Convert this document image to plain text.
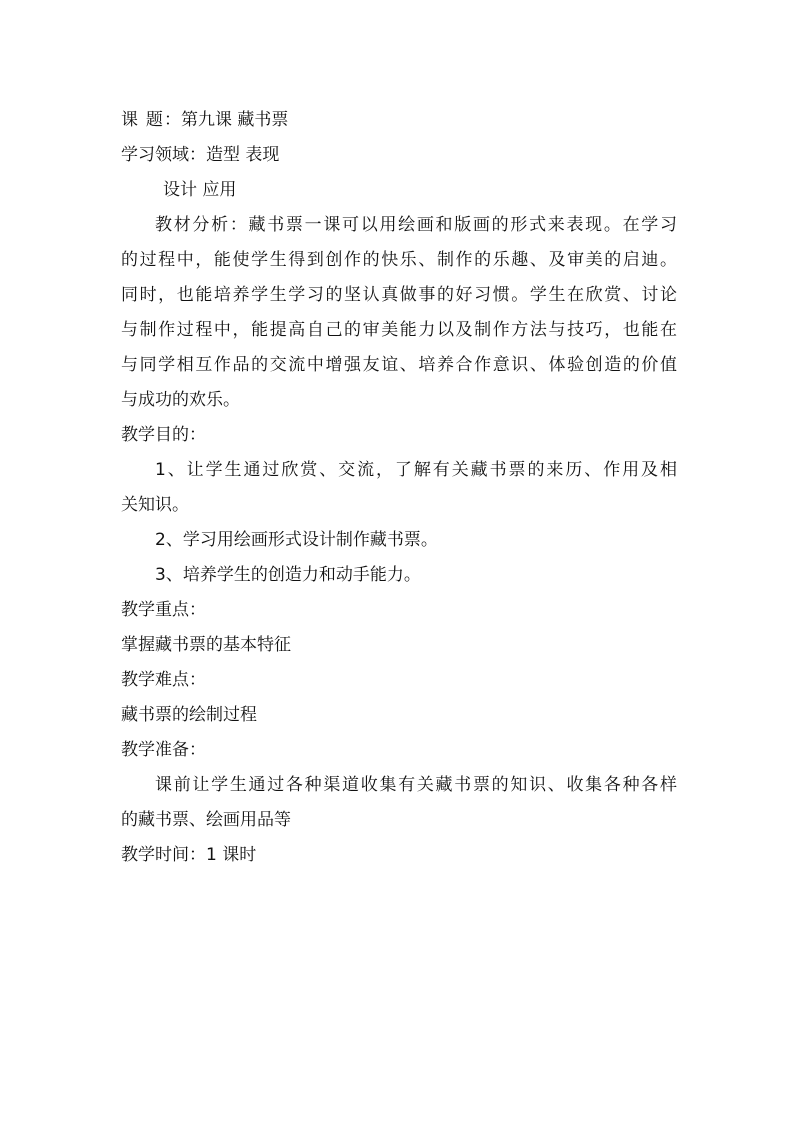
课 题：第九课 藏书票
学习领域：造型 表现
设计 应用
教材分析：藏书票一课可以用绘画和版画的形式来表现。在学习
的过程中，能使学生得到创作的快乐、制作的乐趣、及审美的启迪。
同时，也能培养学生学习的坚认真做事的好习惯。学生在欣赏、讨论
与制作过程中，能提高自己的审美能力以及制作方法与技巧，也能在
与同学相互作品的交流中增强友谊、培养合作意识、体验创造的价值
与成功的欢乐。
教学目的：
1、让学生通过欣赏、交流，了解有关藏书票的来历、作用及相
关知识。
2、学习用绘画形式设计制作藏书票。
3、培养学生的创造力和动手能力。
教学重点：
掌握藏书票的基本特征
教学难点：
藏书票的绘制过程
教学准备：
课前让学生通过各种渠道收集有关藏书票的知识、收集各种各样
的藏书票、绘画用品等
教学时间：1 课时
